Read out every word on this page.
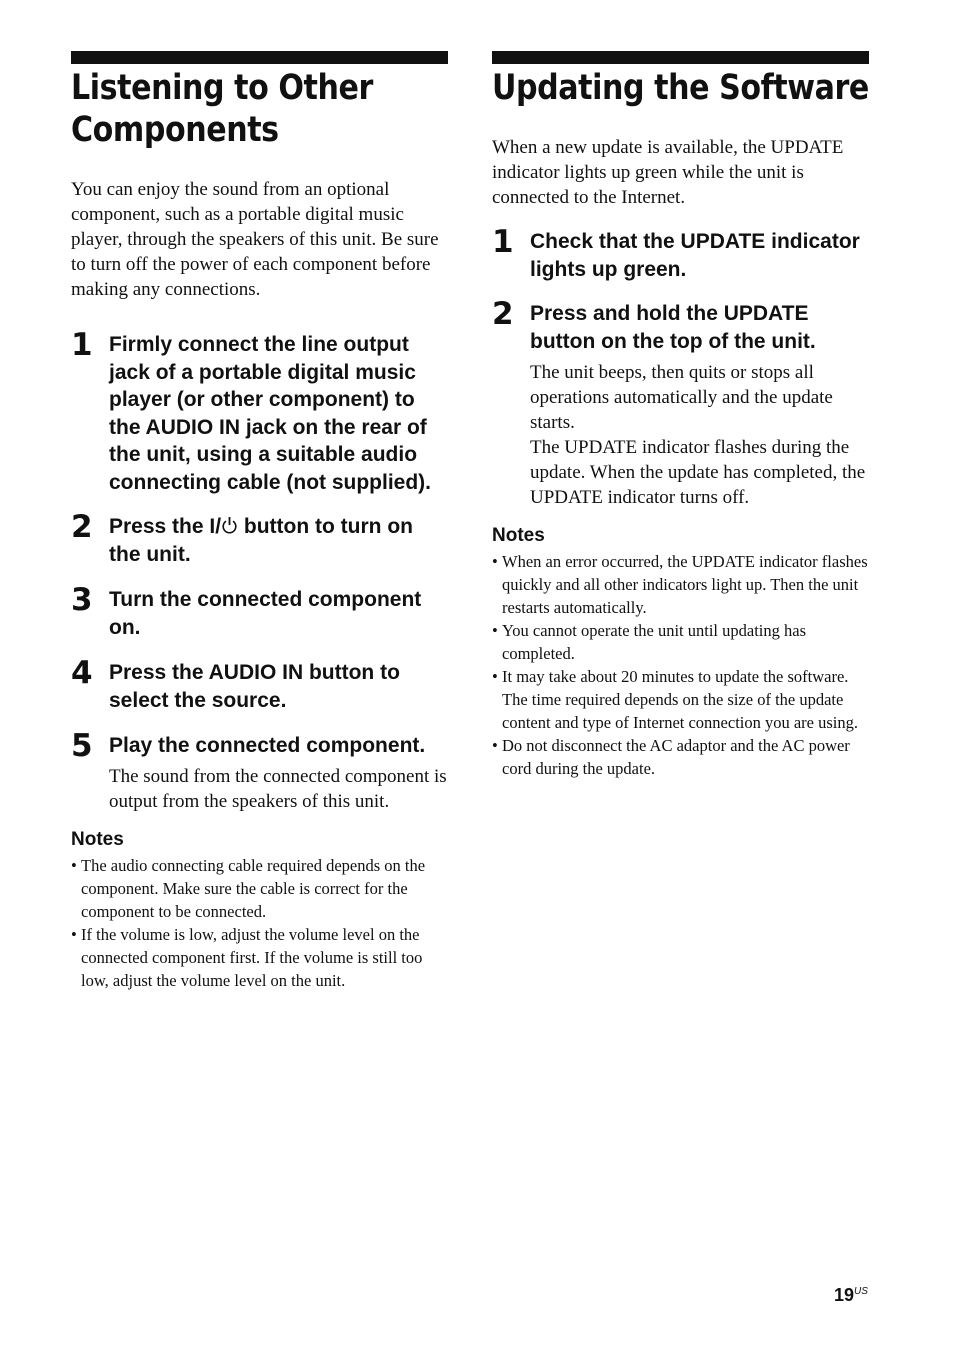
Listening to Other
Components

You can enjoy the sound from an optional component, such as a portable digital music player, through the speakers of this unit. Be sure to turn off the power of each component before making any connections.

1 Firmly connect the line output jack of a portable digital music player (or other component) to the AUDIO IN jack on the rear of the unit, using a suitable audio connecting cable (not supplied).

2 Press the I/ button to turn on the unit.

3 Turn the connected component on.

4 Press the AUDIO IN button to select the source.

5 Play the connected component.

The sound from the connected component is output from the speakers of this unit.

Notes

• The audio connecting cable required depends on the component. Make sure the cable is correct for the component to be connected.
• If the volume is low, adjust the volume level on the connected component first. If the volume is still too low, adjust the volume level on the unit.
Updating the Software

When a new update is available, the UPDATE indicator lights up green while the unit is connected to the Internet.

1 Check that the UPDATE indicator lights up green.

2 Press and hold the UPDATE button on the top of the unit.

The unit beeps, then quits or stops all operations automatically and the update starts.

The UPDATE indicator flashes during the update. When the update has completed, the UPDATE indicator turns off.

Notes

• When an error occurred, the UPDATE indicator flashes quickly and all other indicators light up. Then the unit restarts automatically.
• You cannot operate the unit until updating has completed.
• It may take about 20 minutes to update the software. The time required depends on the size of the update content and type of Internet connection you are using.
• Do not disconnect the AC adaptor and the AC power cord during the update.
$19^{US}$
